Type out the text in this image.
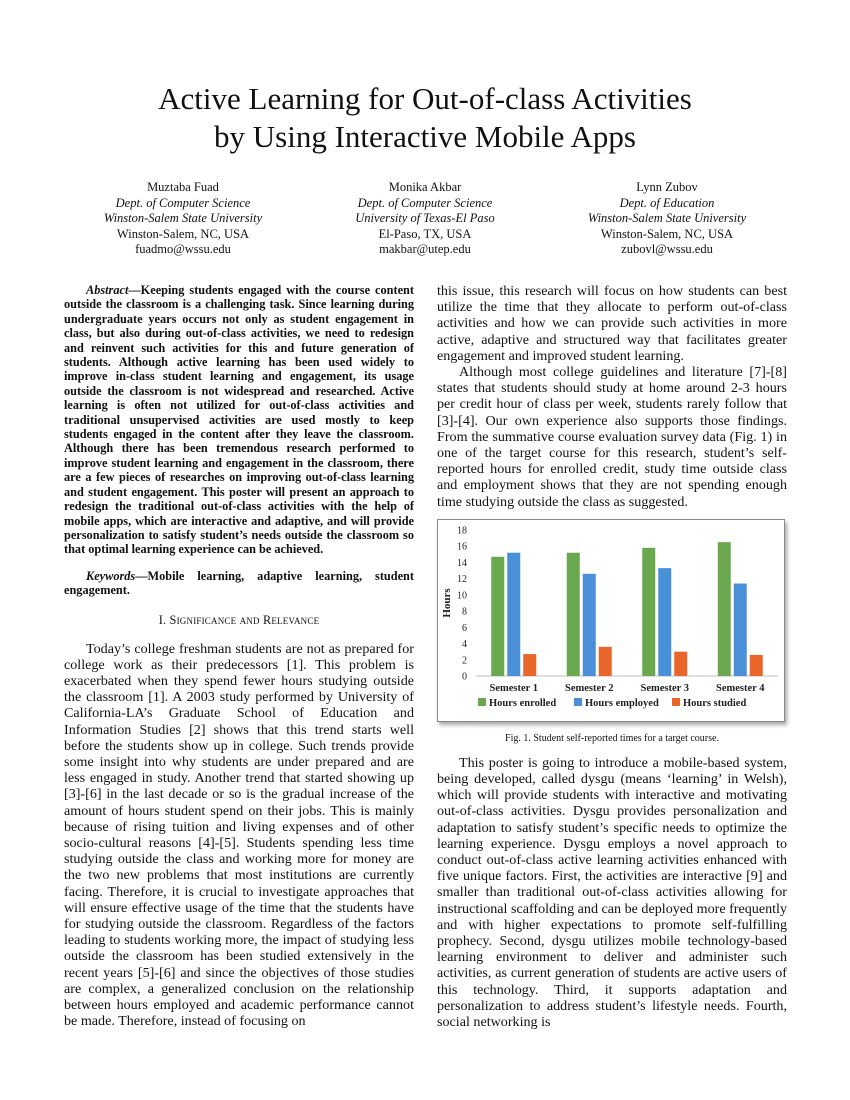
Active Learning for Out-of-class Activities
by Using Interactive Mobile Apps
Muztaba Fuad
Dept. of Computer Science
Winston-Salem State University
Winston-Salem, NC, USA
fuadmo@wssu.edu
Monika Akbar
Dept. of Computer Science
University of Texas-El Paso
El-Paso, TX, USA
makbar@utep.edu
Lynn Zubov
Dept. of Education
Winston-Salem State University
Winston-Salem, NC, USA
zubovl@wssu.edu

Abstract—Keeping students engaged with the course content outside the classroom is a challenging task. Since learning during undergraduate years occurs not only as student engagement in class, but also during out-of-class activities, we need to redesign and reinvent such activities for this and future generation of students. Although active learning has been used widely to improve in-class student learning and engagement, its usage outside the classroom is not widespread and researched. Active learning is often not utilized for out-of-class activities and traditional unsupervised activities are used mostly to keep students engaged in the content after they leave the classroom. Although there has been tremendous research performed to improve student learning and engagement in the classroom, there are a few pieces of researches on improving out-of-class learning and student engagement. This poster will present an approach to redesign the traditional out-of-class activities with the help of mobile apps, which are interactive and adaptive, and will provide personalization to satisfy student’s needs outside the classroom so that optimal learning experience can be achieved.

Keywords—Mobile learning, adaptive learning, student engagement.

I. Significance and Relevance

Today’s college freshman students are not as prepared for college work as their predecessors [1]. This problem is exacerbated when they spend fewer hours studying outside the classroom [1]. A 2003 study performed by University of California-LA’s Graduate School of Education and Information Studies [2] shows that this trend starts well before the students show up in college. Such trends provide some insight into why students are under prepared and are less engaged in study. Another trend that started showing up [3]-[6] in the last decade or so is the gradual increase of the amount of hours student spend on their jobs. This is mainly because of rising tuition and living expenses and of other socio-cultural reasons [4]-[5]. Students spending less time studying outside the class and working more for money are the two new problems that most institutions are currently facing. Therefore, it is crucial to investigate approaches that will ensure effective usage of the time that the students have for studying outside the classroom. Regardless of the factors leading to students working more, the impact of studying less outside the classroom has been studied extensively in the recent years [5]-[6] and since the objectives of those studies are complex, a generalized conclusion on the relationship between hours employed and academic performance cannot be made. Therefore, instead of focusing on

this issue, this research will focus on how students can best utilize the time that they allocate to perform out-of-class activities and how we can provide such activities in more active, adaptive and structured way that facilitates greater engagement and improved student learning.

Although most college guidelines and literature [7]-[8] states that students should study at home around 2-3 hours per credit hour of class per week, students rarely follow that [3]-[4]. Our own experience also supports those findings. From the summative course evaluation survey data (Fig. 1) in one of the target course for this research, student’s self-reported hours for enrolled credit, study time outside class and employment shows that they are not spending enough time studying outside the class as suggested.

0
2
4
6
8
10
12
14
16
18
Hours
Semester 1	Semester 2	Semester 3	Semester 4
Hours enrolled	Hours employed Hours studied
Fig. 1. Student self-reported times for a target course.

This poster is going to introduce a mobile-based system, being developed, called dysgu (means ‘learning’ in Welsh), which will provide students with interactive and motivating out-of-class activities. Dysgu provides personalization and adaptation to satisfy student’s specific needs to optimize the learning experience. Dysgu employs a novel approach to conduct out-of-class active learning activities enhanced with five unique factors. First, the activities are interactive [9] and smaller than traditional out-of-class activities allowing for instructional scaffolding and can be deployed more frequently and with higher expectations to promote self-fulfilling prophecy. Second, dysgu utilizes mobile technology-based learning environment to deliver and administer such activities, as current generation of students are active users of this technology. Third, it supports adaptation and personalization to address student’s lifestyle needs. Fourth, social networking is
